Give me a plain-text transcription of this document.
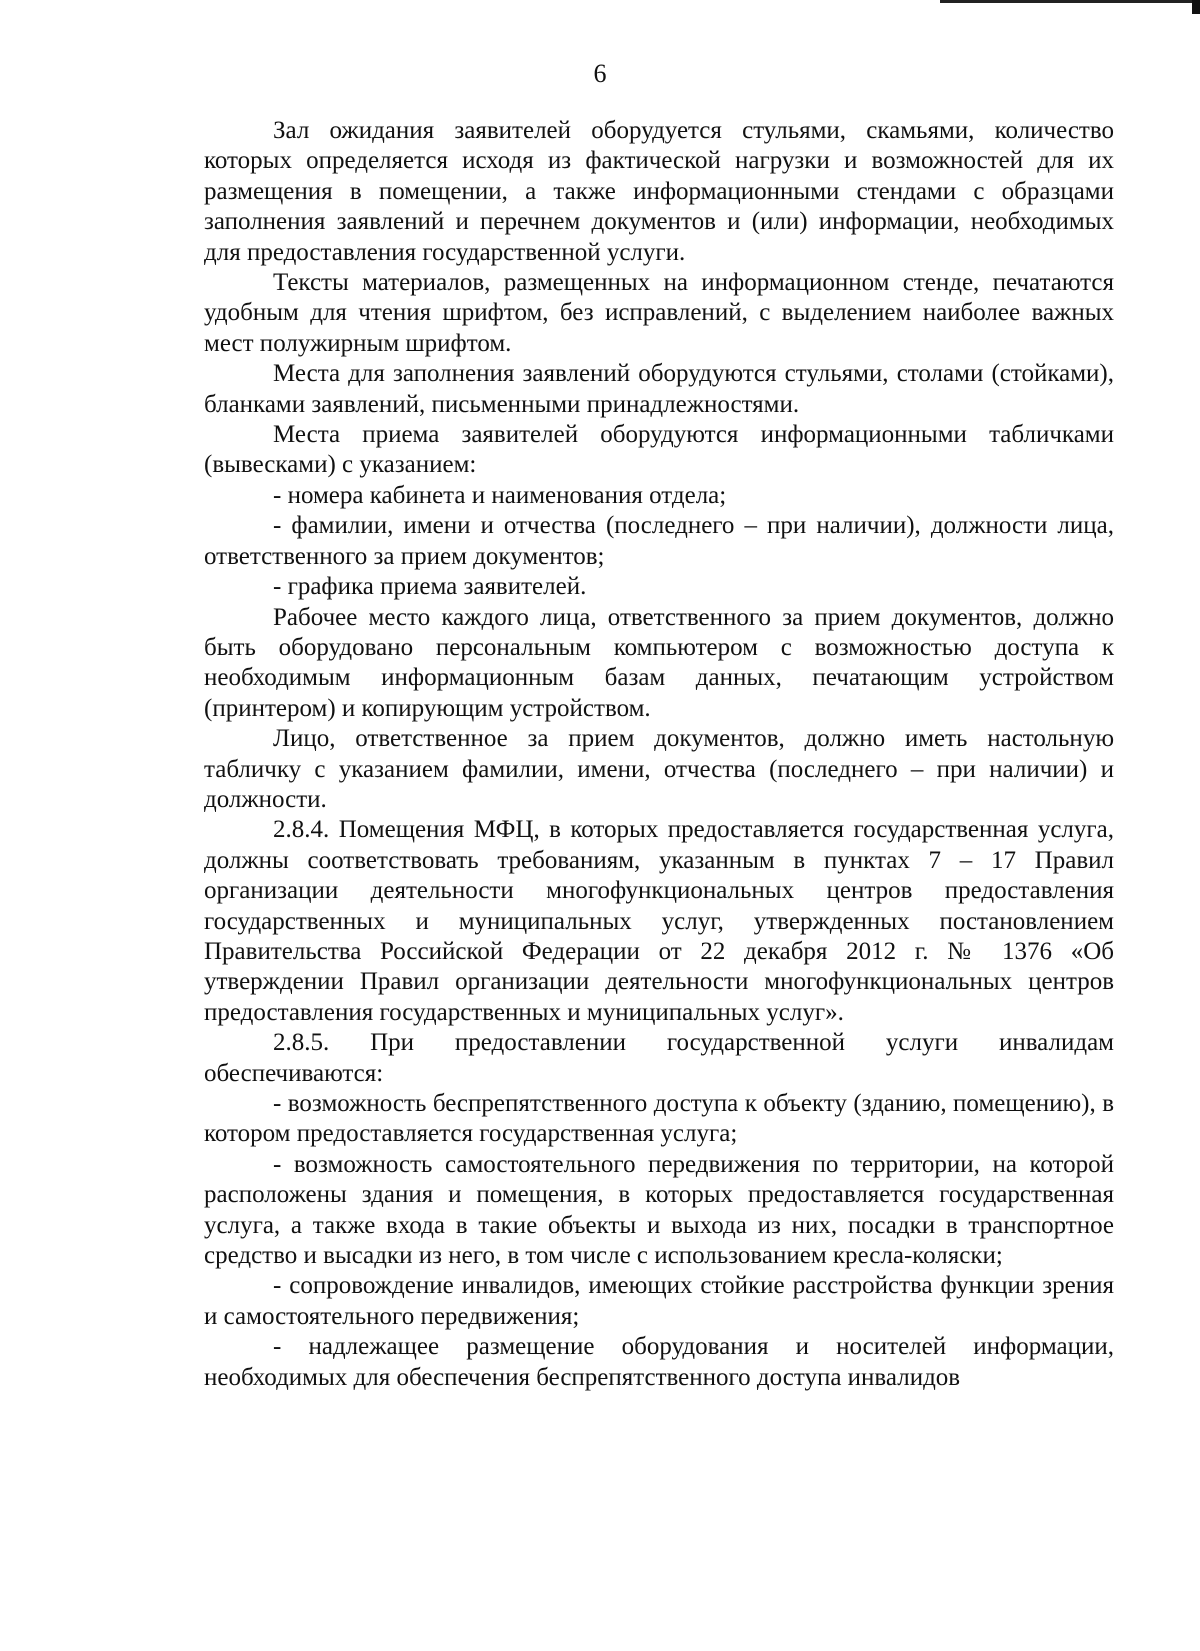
6

Зал ожидания заявителей оборудуется стульями, скамьями, количество которых определяется исходя из фактической нагрузки и возможностей для их размещения в помещении, а также информационными стендами с образцами заполнения заявлений и перечнем документов и (или) информации, необходимых для предоставления государственной услуги.

Тексты материалов, размещенных на информационном стенде, печатаются удобным для чтения шрифтом, без исправлений, с выделением наиболее важных мест полужирным шрифтом.

Места для заполнения заявлений оборудуются стульями, столами (стойками), бланками заявлений, письменными принадлежностями.

Места приема заявителей оборудуются информационными табличками (вывесками) с указанием:

- номера кабинета и наименования отдела;

- фамилии, имени и отчества (последнего – при наличии), должности лица, ответственного за прием документов;

- графика приема заявителей.

Рабочее место каждого лица, ответственного за прием документов, должно быть оборудовано персональным компьютером с возможностью доступа к необходимым информационным базам данных, печатающим устройством (принтером) и копирующим устройством.

Лицо, ответственное за прием документов, должно иметь настольную табличку с указанием фамилии, имени, отчества (последнего – при наличии) и должности.

2.8.4. Помещения МФЦ, в которых предоставляется государственная услуга, должны соответствовать требованиям, указанным в пунктах 7 – 17 Правил организации деятельности многофункциональных центров предоставления государственных и муниципальных услуг, утвержденных постановлением Правительства Российской Федерации от 22 декабря 2012 г. № 1376 «Об утверждении Правил организации деятельности многофункциональных центров предоставления государственных и муниципальных услуг».

2.8.5. При предоставлении государственной услуги инвалидам обеспечиваются:

- возможность беспрепятственного доступа к объекту (зданию, помещению), в котором предоставляется государственная услуга;

- возможность самостоятельного передвижения по территории, на которой расположены здания и помещения, в которых предоставляется государственная услуга, а также входа в такие объекты и выхода из них, посадки в транспортное средство и высадки из него, в том числе с использованием кресла-коляски;

- сопровождение инвалидов, имеющих стойкие расстройства функции зрения и самостоятельного передвижения;

- надлежащее размещение оборудования и носителей информации, необходимых для обеспечения беспрепятственного доступа инвалидов
